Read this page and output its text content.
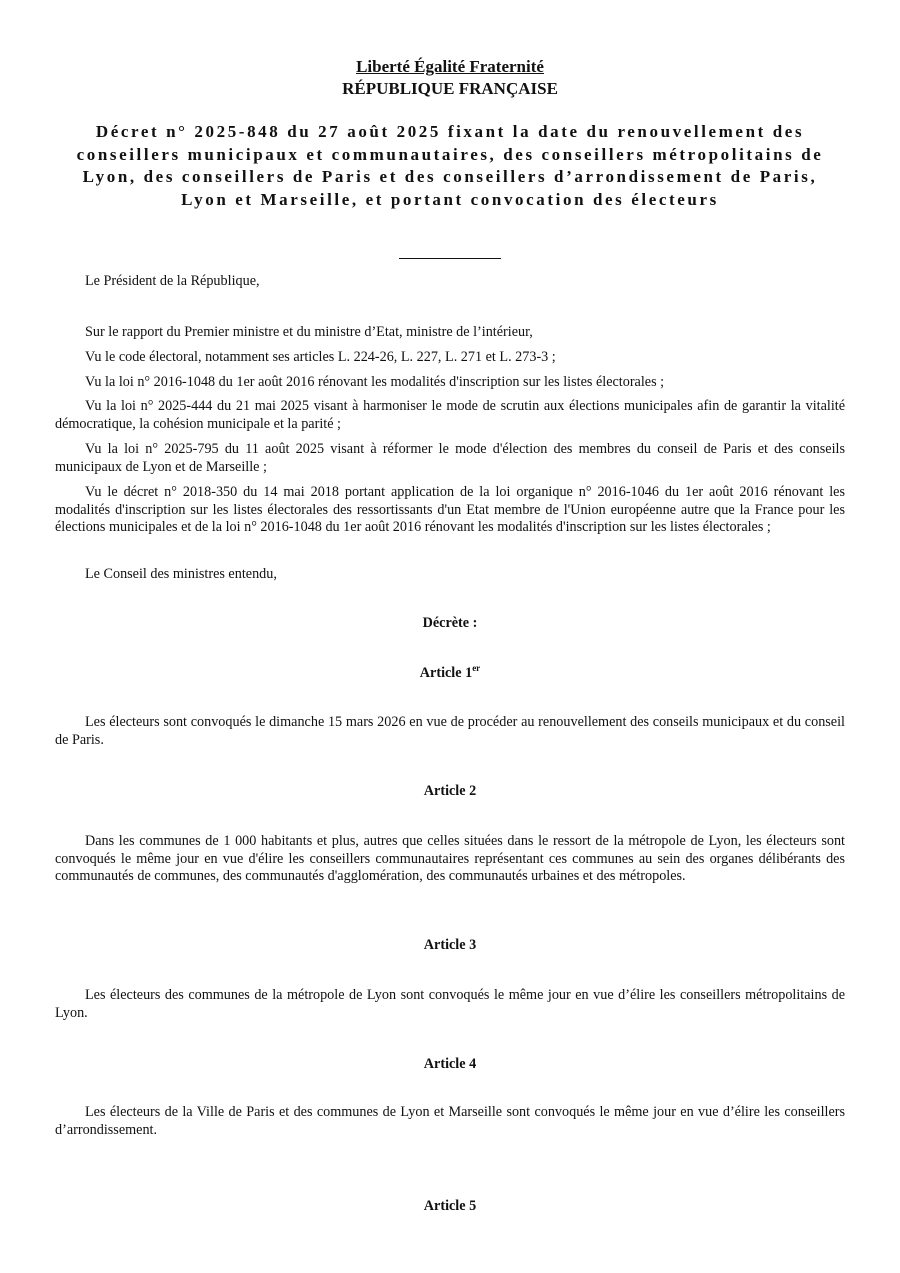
Liberté Égalité Fraternité
RÉPUBLIQUE FRANÇAISE
Décret n° 2025-848 du 27 août 2025 fixant la date du renouvellement des conseillers municipaux et communautaires, des conseillers métropolitains de Lyon, des conseillers de Paris et des conseillers d’arrondissement de Paris, Lyon et Marseille, et portant convocation des électeurs

Le Président de la République,

Sur le rapport du Premier ministre et du ministre d’Etat, ministre de l’intérieur,

Vu le code électoral, notamment ses articles L. 224-26, L. 227, L. 271 et L. 273-3 ;

Vu la loi n° 2016-1048 du 1er août 2016 rénovant les modalités d'inscription sur les listes électorales ;

Vu la loi n° 2025-444 du 21 mai 2025 visant à harmoniser le mode de scrutin aux élections municipales afin de garantir la vitalité démocratique, la cohésion municipale et la parité ;

Vu la loi n° 2025-795 du 11 août 2025 visant à réformer le mode d'élection des membres du conseil de Paris et des conseils municipaux de Lyon et de Marseille ;

Vu le décret n° 2018-350 du 14 mai 2018 portant application de la loi organique n° 2016-1046 du 1er août 2016 rénovant les modalités d'inscription sur les listes électorales des ressortissants d'un Etat membre de l'Union européenne autre que la France pour les élections municipales et de la loi n° 2016-1048 du 1er août 2016 rénovant les modalités d'inscription sur les listes électorales ;

Le Conseil des ministres entendu,

Décrète :
Article 1er

Les électeurs sont convoqués le dimanche 15 mars 2026 en vue de procéder au renouvellement des conseils municipaux et du conseil de Paris.

Article 2

Dans les communes de 1 000 habitants et plus, autres que celles situées dans le ressort de la métropole de Lyon, les électeurs sont convoqués le même jour en vue d'élire les conseillers communautaires représentant ces communes au sein des organes délibérants des communautés de communes, des communautés d'agglomération, des communautés urbaines et des métropoles.

Article 3

Les électeurs des communes de la métropole de Lyon sont convoqués le même jour en vue d’élire les conseillers métropolitains de Lyon.

Article 4

Les électeurs de la Ville de Paris et des communes de Lyon et Marseille sont convoqués le même jour en vue d’élire les conseillers d’arrondissement.

Article 5
